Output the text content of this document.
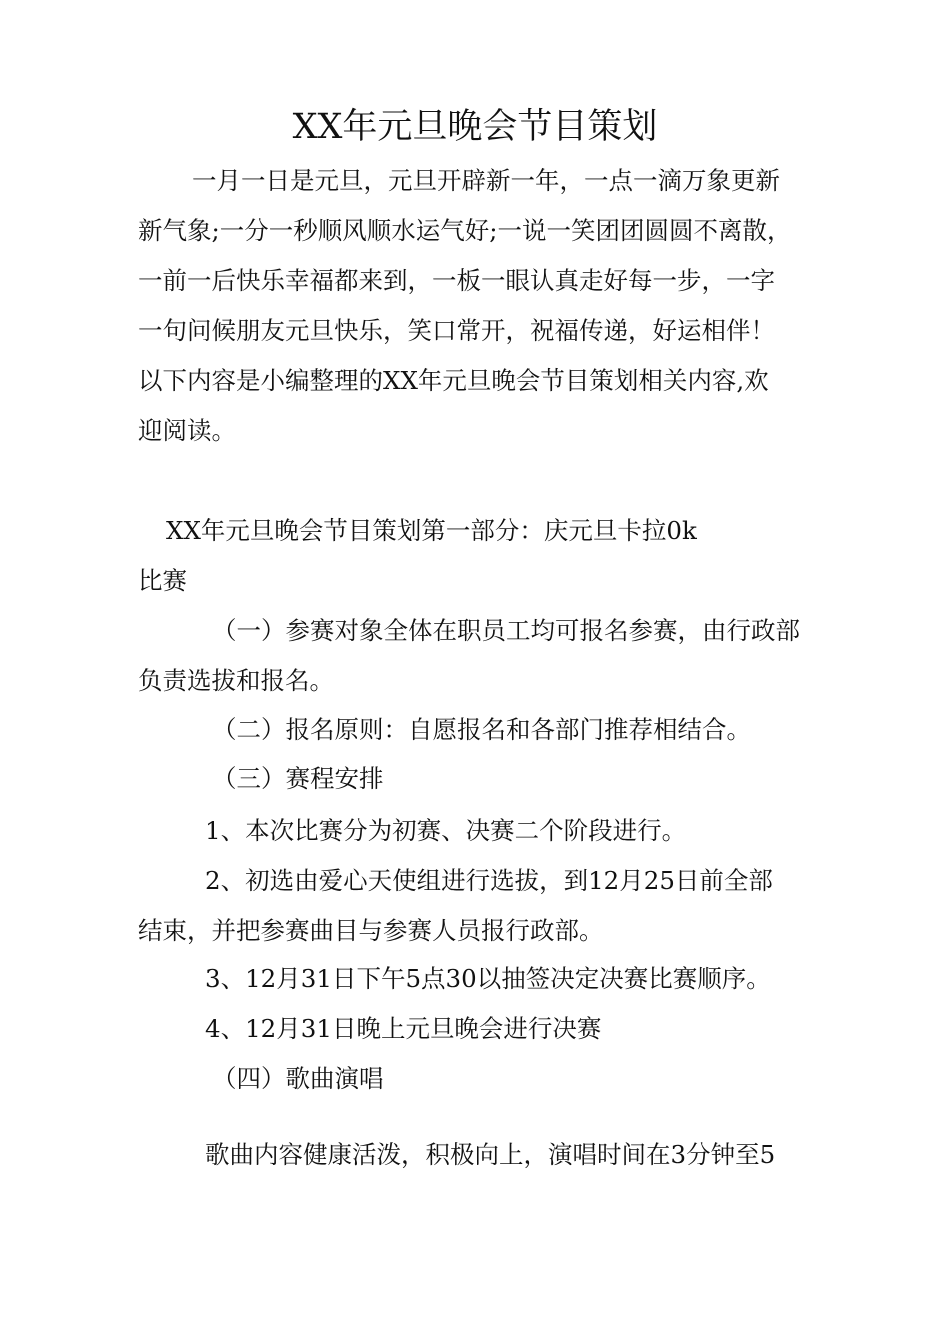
XX年元旦晚会节目策划
一月一日是元旦，元旦开辟新一年，一点一滴万象更新
新气象;一分一秒顺风顺水运气好;一说一笑团团圆圆不离散，
一前一后快乐幸福都来到，一板一眼认真走好每一步，一字
一句问候朋友元旦快乐，笑口常开，祝福传递，好运相伴！
以下内容是小编整理的XX年元旦晚会节目策划相关内容,欢
迎阅读。
XX年元旦晚会节目策划第一部分：庆元旦卡拉0k
比赛
（一）参赛对象全体在职员工均可报名参赛，由行政部
负责选拔和报名。
（二）报名原则：自愿报名和各部门推荐相结合。
（三）赛程安排
1、本次比赛分为初赛、决赛二个阶段进行。
2、初选由爱心天使组进行选拔，到12月25日前全部
结束，并把参赛曲目与参赛人员报行政部。
3、12月31日下午5点30以抽签决定决赛比赛顺序。
4、12月31日晚上元旦晚会进行决赛
（四）歌曲演唱
歌曲内容健康活泼，积极向上，演唱时间在3分钟至5
